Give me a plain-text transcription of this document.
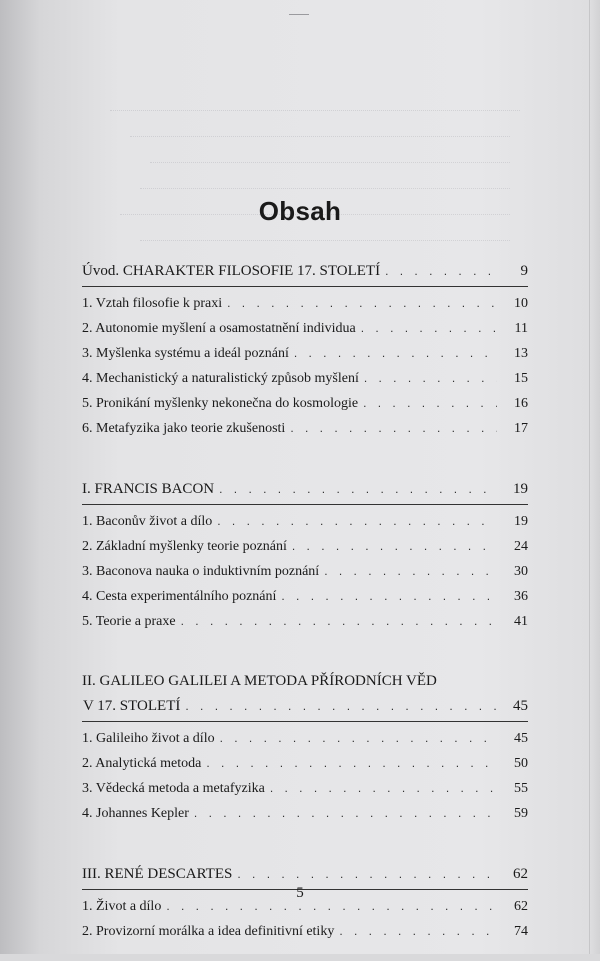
Obsah
Úvod. CHARAKTER FILOSOFIE 17. STOLETÍ . . .	9
1. Vztah filosofie k praxi . . .	10
2. Autonomie myšlení a osamostatnění individua . . .	11
3. Myšlenka systému a ideál poznání . . .	13
4. Mechanistický a naturalistický způsob myšlení . . .	15
5. Pronikání myšlenky nekonečna do kosmologie . . .	16
6. Metafyzika jako teorie zkušenosti . . .	17
I. FRANCIS BACON . . .	19
1. Baconův život a dílo . . .	19
2. Základní myšlenky teorie poznání . . .	24
3. Baconova nauka o induktivním poznání . . .	30
4. Cesta experimentálního poznání . . .	36
5. Teorie a praxe . . .	41
II. GALILEO GALILEI A METODA PŘÍRODNÍCH VĚD
V 17. STOLETÍ . . .	45
1. Galileiho život a dílo . . .	45
2. Analytická metoda . . .	50
3. Vědecká metoda a metafyzika . . .	55
4. Johannes Kepler . . .	59
III. RENÉ DESCARTES . . .	62
1. Život a dílo . . .	62
2. Provizorní morálka a idea definitivní etiky . . .	74
5
